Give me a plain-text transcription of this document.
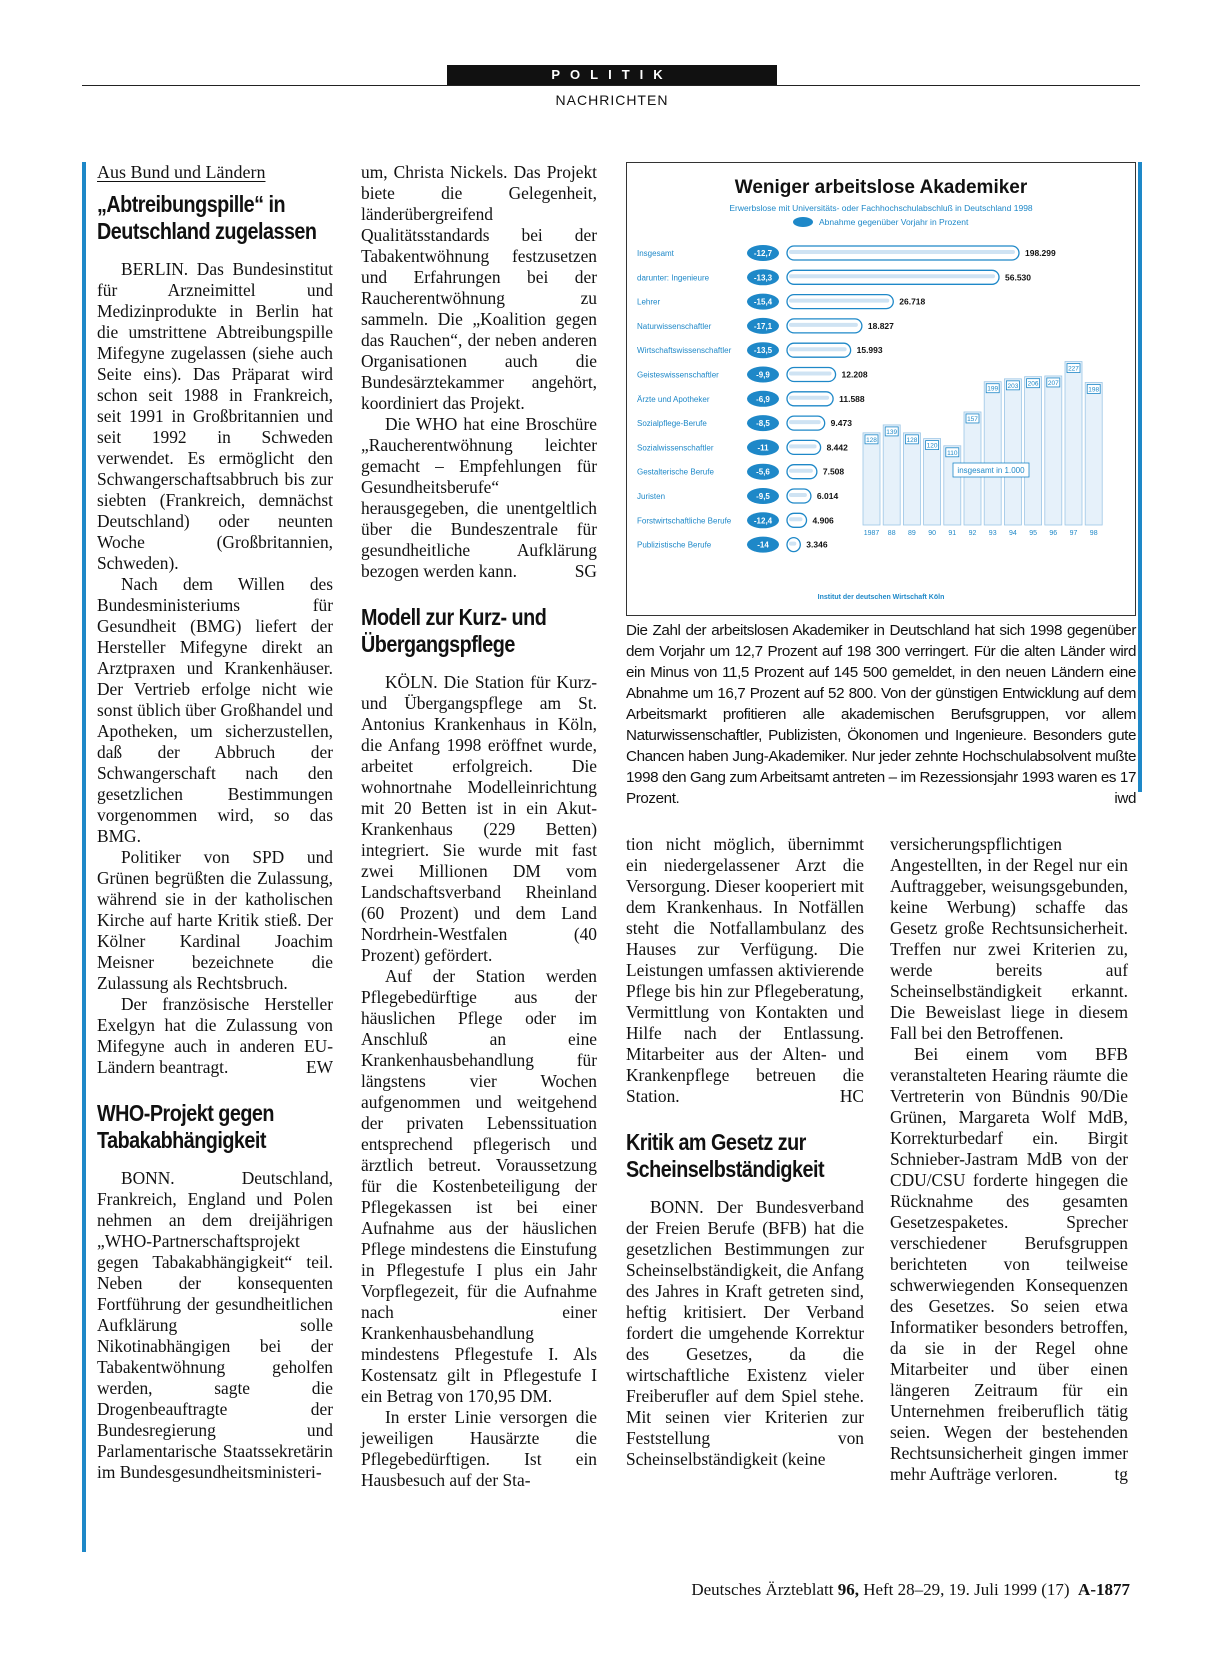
POLITIK
NACHRICHTEN
Aus Bund und Ländern
„Abtreibungspille“ in Deutschland zugelassen

BERLIN. Das Bundesinstitut für Arzneimittel und Medizinprodukte in Berlin hat die umstrittene Abtreibungspille Mifegyne zugelassen (siehe auch Seite eins). Das Präparat wird schon seit 1988 in Frankreich, seit 1991 in Großbritannien und seit 1992 in Schweden verwendet. Es ermöglicht den Schwangerschaftsabbruch bis zur siebten (Frankreich, demnächst Deutschland) oder neunten Woche (Großbritannien, Schweden).

Nach dem Willen des Bundesministeriums für Gesundheit (BMG) liefert der Hersteller Mifegyne direkt an Arztpraxen und Krankenhäuser. Der Vertrieb erfolge nicht wie sonst üblich über Großhandel und Apotheken, um sicherzustellen, daß der Abbruch der Schwangerschaft nach den gesetzlichen Bestimmungen vorgenommen wird, so das BMG.

Politiker von SPD und Grünen begrüßten die Zulassung, während sie in der katholischen Kirche auf harte Kritik stieß. Der Kölner Kardinal Joachim Meisner bezeichnete die Zulassung als Rechtsbruch.

Der französische Hersteller Exelgyn hat die Zulassung von Mifegyne auch in anderen EU-Ländern beantragt.	EW

WHO-Projekt gegen Tabakabhängigkeit

BONN. Deutschland, Frankreich, England und Polen nehmen an dem dreijährigen „WHO-Partnerschaftsprojekt gegen Tabakabhängigkeit“ teil. Neben der konsequenten Fortführung der gesundheitlichen Aufklärung solle Nikotinabhängigen bei der Tabakentwöhnung geholfen werden, sagte die Drogenbeauftragte der Bundesregierung und Parlamentarische Staatssekretärin im Bundesgesundheitsministeri-

um, Christa Nickels. Das Projekt biete die Gelegenheit, länderübergreifend Qualitätsstandards bei der Tabakentwöhnung festzusetzen und Erfahrungen bei der Raucherentwöhnung zu sammeln. Die „Koalition gegen das Rauchen“, der neben anderen Organisationen auch die Bundesärztekammer angehört, koordiniert das Projekt.

Die WHO hat eine Broschüre „Raucherentwöhnung leichter gemacht – Empfehlungen für Gesundheitsberufe“ herausgegeben, die unentgeltlich über die Bundeszentrale für gesundheitliche Aufklärung bezogen werden kann.	SG

Modell zur Kurz- und Übergangspflege

KÖLN. Die Station für Kurz- und Übergangspflege am St. Antonius Krankenhaus in Köln, die Anfang 1998 eröffnet wurde, arbeitet erfolgreich. Die wohnortnahe Modelleinrichtung mit 20 Betten ist in ein Akut-Krankenhaus (229 Betten) integriert. Sie wurde mit fast zwei Millionen DM vom Landschaftsverband Rheinland (60 Prozent) und dem Land Nordrhein-Westfalen (40 Prozent) gefördert.

Auf der Station werden Pflegebedürftige aus der häuslichen Pflege oder im Anschluß an eine Krankenhausbehandlung für längstens vier Wochen aufgenommen und weitgehend der privaten Lebenssituation entsprechend pflegerisch und ärztlich betreut. Voraussetzung für die Kostenbeteiligung der Pflegekassen ist bei einer Aufnahme aus der häuslichen Pflege mindestens die Einstufung in Pflegestufe I plus ein Jahr Vorpflegezeit, für die Aufnahme nach einer Krankenhausbehandlung mindestens Pflegestufe I. Als Kostensatz gilt in Pflegestufe I ein Betrag von 170,95 DM.

In erster Linie versorgen die jeweiligen Hausärzte die Pflegebedürftigen. Ist ein Hausbesuch auf der Sta-

Weniger arbeitslose Akademiker
Erwerbslose mit Universitäts- oder Fachhochschulabschluß in Deutschland 1998
Abnahme gegenüber Vorjahr in Prozent
128
1987
139
88
128
89
120
90
110
91
157
92
199
93
203
94
206
95
207
96
227
97
198
98
insgesamt in 1.000
Insgesamt	-12,7	198.299
darunter: Ingenieure	-13,3	56.530
Lehrer	-15,4	26.718
Naturwissenschaftler	-17,1	18.827
Wirtschaftswissenschaftler	-13,5	15.993
Geisteswissenschaftler	-9,9	12.208
Ärzte und Apotheker	-6,9	11.588
Sozialpflege-Berufe	-8,5	9.473
Sozialwissenschaftler	-11	8.442
Gestalterische Berufe	-5,6	7.508
Juristen	-9,5	6.014
Forstwirtschaftliche Berufe	-12,4	4.906
Publizistische Berufe	-14	3.346
Institut der deutschen Wirtschaft Köln
Die Zahl der arbeitslosen Akademiker in Deutschland hat sich 1998 gegenüber dem Vorjahr um 12,7 Prozent auf 198 300 verringert. Für die alten Länder wird ein Minus von 11,5 Prozent auf 145 500 gemeldet, in den neuen Ländern eine Abnahme um 16,7 Prozent auf 52 800. Von der günstigen Entwicklung auf dem Arbeitsmarkt profitieren alle akademischen Berufsgruppen, vor allem Naturwissenschaftler, Publizisten, Ökonomen und Ingenieure. Besonders gute Chancen haben Jung-Akademiker. Nur jeder zehnte Hochschulabsolvent mußte 1998 den Gang zum Arbeitsamt antreten – im Rezessionsjahr 1993 waren es 17 Prozent.	iwd

tion nicht möglich, übernimmt ein niedergelassener Arzt die Versorgung. Dieser kooperiert mit dem Krankenhaus. In Notfällen steht die Notfallambulanz des Hauses zur Verfügung. Die Leistungen umfassen aktivierende Pflege bis hin zur Pflegeberatung, Vermittlung von Kontakten und Hilfe nach der Entlassung. Mitarbeiter aus der Alten- und Krankenpflege betreuen die Station.	HC

Kritik am Gesetz zur Scheinselbständigkeit

BONN. Der Bundesverband der Freien Berufe (BFB) hat die gesetzlichen Bestimmungen zur Scheinselbständigkeit, die Anfang des Jahres in Kraft getreten sind, heftig kritisiert. Der Verband fordert die umgehende Korrektur des Gesetzes, da die wirtschaftliche Existenz vieler Freiberufler auf dem Spiel stehe. Mit seinen vier Kriterien zur Feststellung von Scheinselbständigkeit (keine

versicherungspflichtigen Angestellten, in der Regel nur ein Auftraggeber, weisungsgebunden, keine Werbung) schaffe das Gesetz große Rechtsunsicherheit. Treffen nur zwei Kriterien zu, werde bereits auf Scheinselbständigkeit erkannt. Die Beweislast liege in diesem Fall bei den Betroffenen.

Bei einem vom BFB veranstalteten Hearing räumte die Vertreterin von Bündnis 90/Die Grünen, Margareta Wolf MdB, Korrekturbedarf ein. Birgit Schnieber-Jastram MdB von der CDU/CSU forderte hingegen die Rücknahme des gesamten Gesetzespaketes. Sprecher verschiedener Berufsgruppen berichteten von teilweise schwerwiegenden Konsequenzen des Gesetzes. So seien etwa Informatiker besonders betroffen, da sie in der Regel ohne Mitarbeiter und über einen längeren Zeitraum für ein Unternehmen freiberuflich tätig seien. Wegen der bestehenden Rechtsunsicherheit gingen immer mehr Aufträge verloren.	tg

Deutsches Ärzteblatt 96, Heft 28–29, 19. Juli 1999 (17) A-1877
